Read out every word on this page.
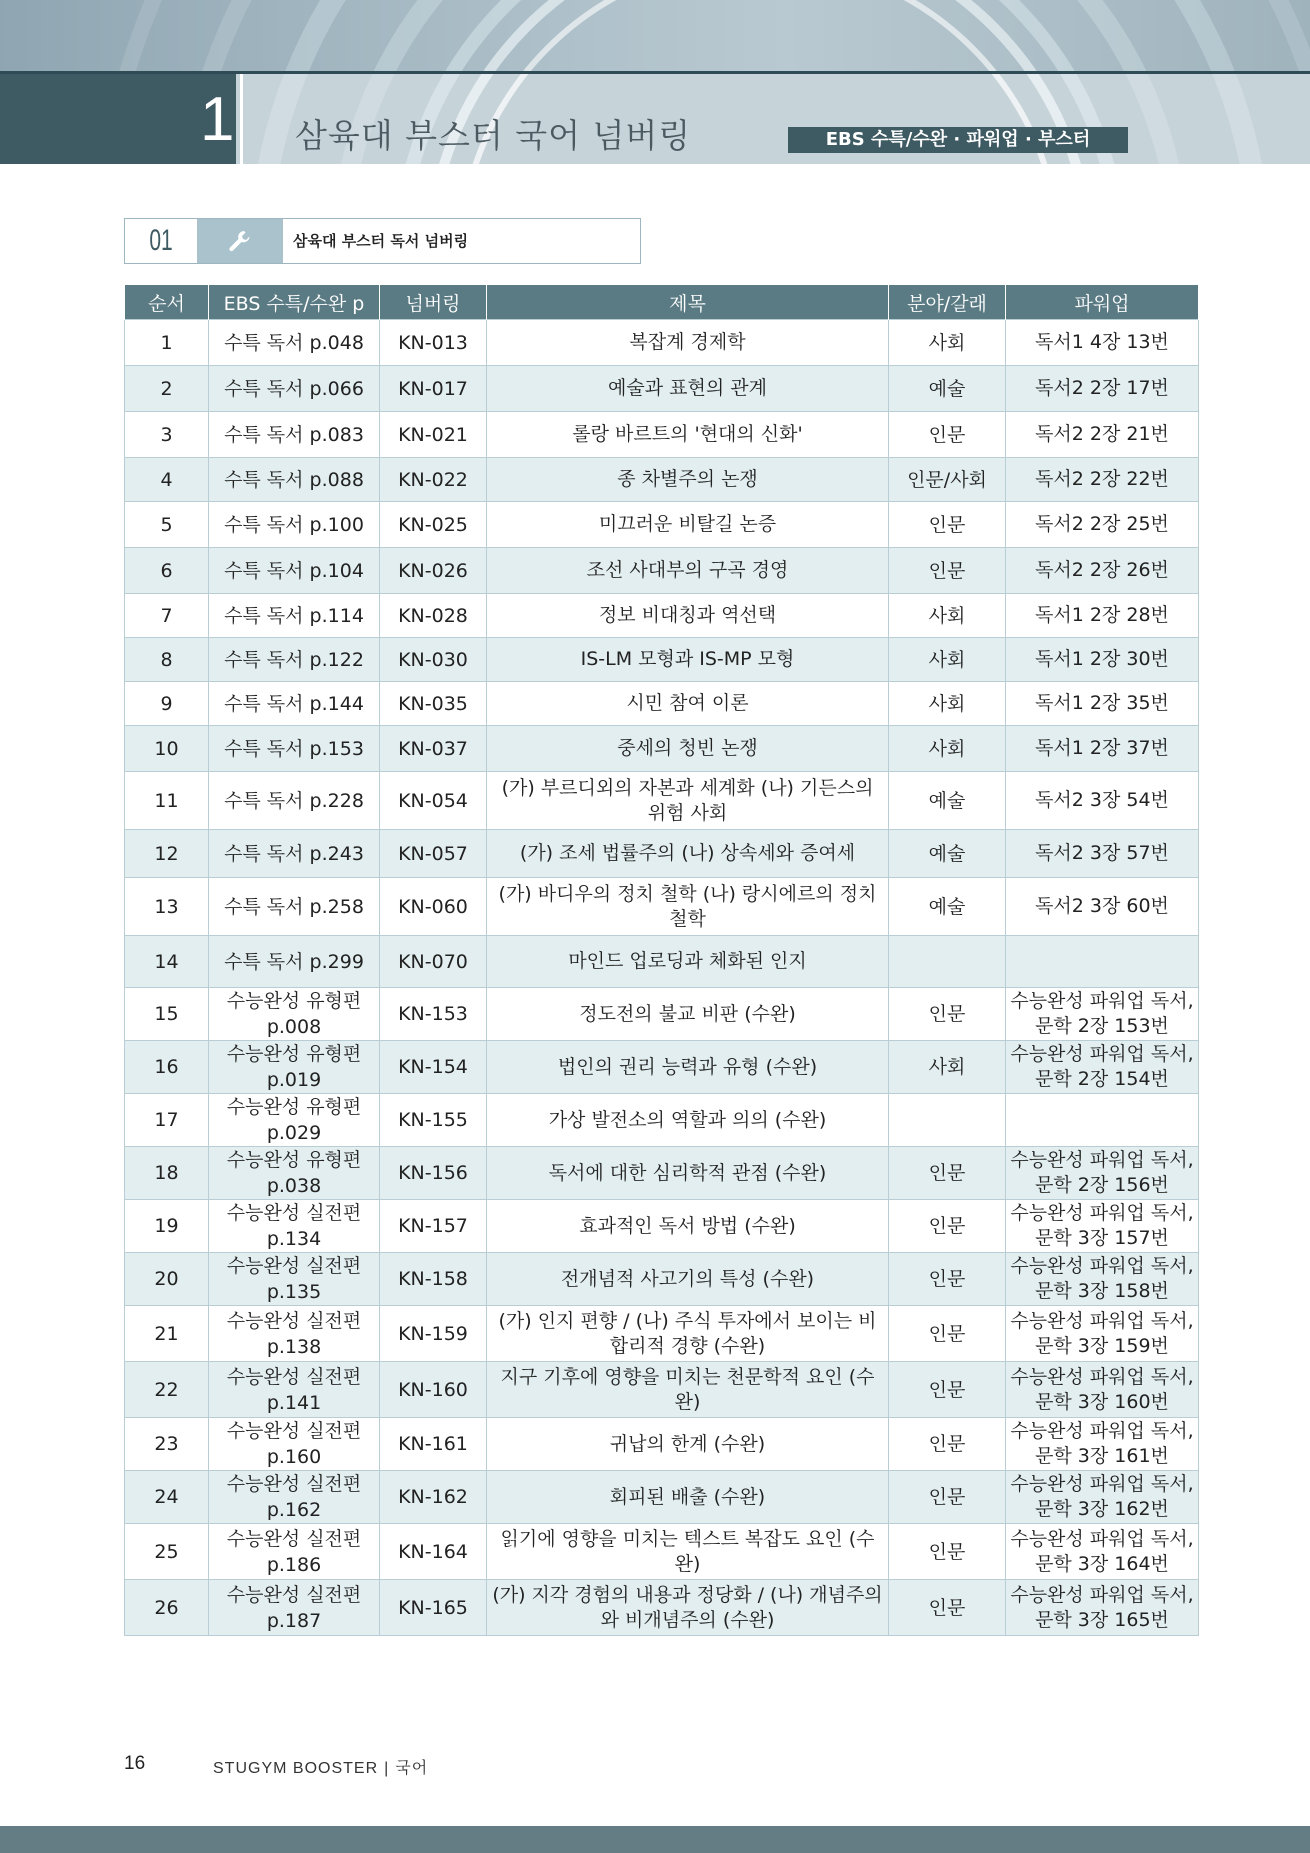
1 삼육대 부스터 국어 넘버링	EBS 수특/수완 · 파워업 · 부스터
01	삼육대 부스터 독서 넘버링
순서	EBS 수특/수완 p	넘버링	제목	분야/갈래	파워업
1	수특 독서 p.048	KN-013	복잡계 경제학	사회	독서1 4장 13번
2	수특 독서 p.066	KN-017	예술과 표현의 관계	예술	독서2 2장 17번
3	수특 독서 p.083	KN-021	롤랑 바르트의 '현대의 신화'	인문	독서2 2장 21번
4	수특 독서 p.088	KN-022	종 차별주의 논쟁	인문/사회	독서2 2장 22번
5	수특 독서 p.100	KN-025	미끄러운 비탈길 논증	인문	독서2 2장 25번
6	수특 독서 p.104	KN-026	조선 사대부의 구곡 경영	인문	독서2 2장 26번
7	수특 독서 p.114	KN-028	정보 비대칭과 역선택	사회	독서1 2장 28번
8	수특 독서 p.122	KN-030	IS-LM 모형과 IS-MP 모형	사회	독서1 2장 30번
9	수특 독서 p.144	KN-035	시민 참여 이론	사회	독서1 2장 35번
10	수특 독서 p.153	KN-037	중세의 청빈 논쟁	사회	독서1 2장 37번
11	수특 독서 p.228	KN-054	(가) 부르디외의 자본과 세계화 (나) 기든스의 위험 사회	예술	독서2 3장 54번
12	수특 독서 p.243	KN-057	(가) 조세 법률주의 (나) 상속세와 증여세	예술	독서2 3장 57번
13	수특 독서 p.258	KN-060	(가) 바디우의 정치 철학 (나) 랑시에르의 정치 철학	예술	독서2 3장 60번
14	수특 독서 p.299	KN-070	마인드 업로딩과 체화된 인지		
15	수능완성 유형편 p.008	KN-153	정도전의 불교 비판 (수완)	인문	수능완성 파워업 독서, 문학 2장 153번
16	수능완성 유형편 p.019	KN-154	법인의 권리 능력과 유형 (수완)	사회	수능완성 파워업 독서, 문학 2장 154번
17	수능완성 유형편 p.029	KN-155	가상 발전소의 역할과 의의 (수완)		
18	수능완성 유형편 p.038	KN-156	독서에 대한 심리학적 관점 (수완)	인문	수능완성 파워업 독서, 문학 2장 156번
19	수능완성 실전편 p.134	KN-157	효과적인 독서 방법 (수완)	인문	수능완성 파워업 독서, 문학 3장 157번
20	수능완성 실전편 p.135	KN-158	전개념적 사고기의 특성 (수완)	인문	수능완성 파워업 독서, 문학 3장 158번
21	수능완성 실전편 p.138	KN-159	(가) 인지 편향 / (나) 주식 투자에서 보이는 비합리적 경향 (수완)	인문	수능완성 파워업 독서, 문학 3장 159번
22	수능완성 실전편 p.141	KN-160	지구 기후에 영향을 미치는 천문학적 요인 (수완)	인문	수능완성 파워업 독서, 문학 3장 160번
23	수능완성 실전편 p.160	KN-161	귀납의 한계 (수완)	인문	수능완성 파워업 독서, 문학 3장 161번
24	수능완성 실전편 p.162	KN-162	회피된 배출 (수완)	인문	수능완성 파워업 독서, 문학 3장 162번
25	수능완성 실전편 p.186	KN-164	읽기에 영향을 미치는 텍스트 복잡도 요인 (수완)	인문	수능완성 파워업 독서, 문학 3장 164번
26	수능완성 실전편 p.187	KN-165	(가) 지각 경험의 내용과 정당화 / (나) 개념주의와 비개념주의 (수완)	인문	수능완성 파워업 독서, 문학 3장 165번
16	STUGYM BOOSTER | 국어
